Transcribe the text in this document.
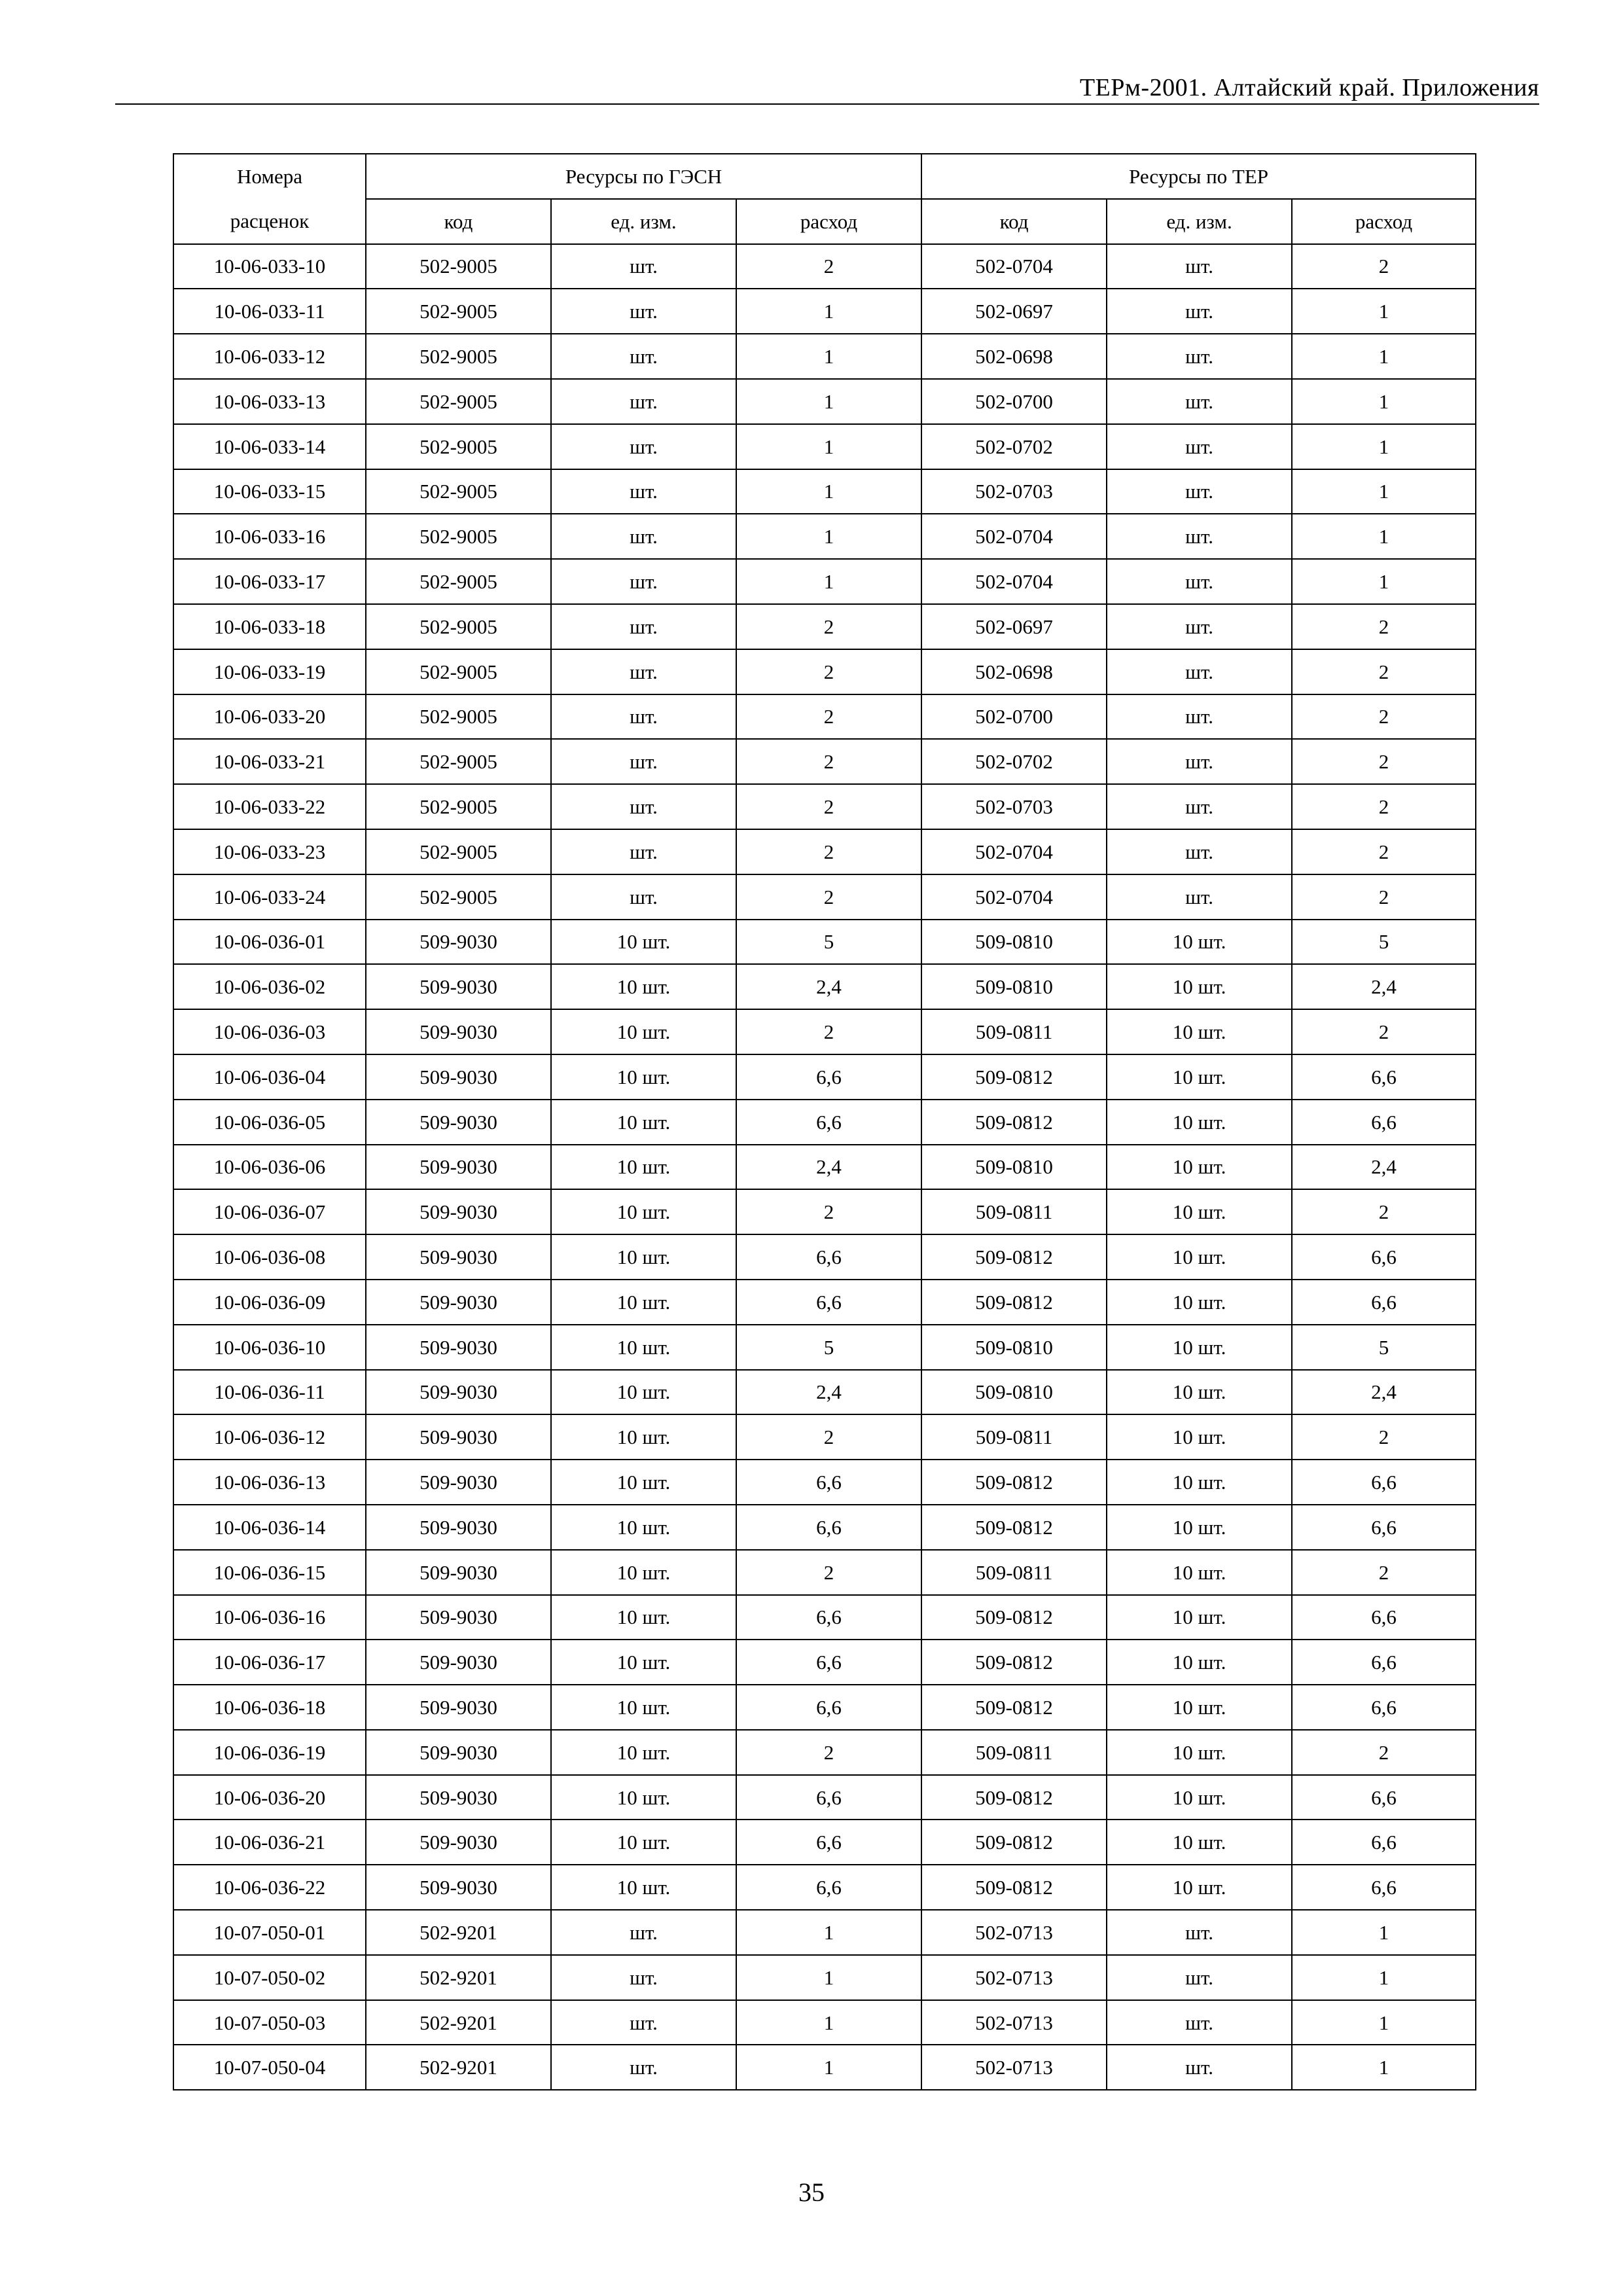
ТЕРм-2001. Алтайский край. Приложения
Номера	Ресурсы по ГЭСН			Ресурсы по ТЕР		
расценок	код	ед. изм.	расход	код	ед. изм.	расход
10-06-033-10	502-9005	шт.	2	502-0704	шт.	2
10-06-033-11	502-9005	шт.	1	502-0697	шт.	1
10-06-033-12	502-9005	шт.	1	502-0698	шт.	1
10-06-033-13	502-9005	шт.	1	502-0700	шт.	1
10-06-033-14	502-9005	шт.	1	502-0702	шт.	1
10-06-033-15	502-9005	шт.	1	502-0703	шт.	1
10-06-033-16	502-9005	шт.	1	502-0704	шт.	1
10-06-033-17	502-9005	шт.	1	502-0704	шт.	1
10-06-033-18	502-9005	шт.	2	502-0697	шт.	2
10-06-033-19	502-9005	шт.	2	502-0698	шт.	2
10-06-033-20	502-9005	шт.	2	502-0700	шт.	2
10-06-033-21	502-9005	шт.	2	502-0702	шт.	2
10-06-033-22	502-9005	шт.	2	502-0703	шт.	2
10-06-033-23	502-9005	шт.	2	502-0704	шт.	2
10-06-033-24	502-9005	шт.	2	502-0704	шт.	2
10-06-036-01	509-9030	10 шт.	5	509-0810	10 шт.	5
10-06-036-02	509-9030	10 шт.	2,4	509-0810	10 шт.	2,4
10-06-036-03	509-9030	10 шт.	2	509-0811	10 шт.	2
10-06-036-04	509-9030	10 шт.	6,6	509-0812	10 шт.	6,6
10-06-036-05	509-9030	10 шт.	6,6	509-0812	10 шт.	6,6
10-06-036-06	509-9030	10 шт.	2,4	509-0810	10 шт.	2,4
10-06-036-07	509-9030	10 шт.	2	509-0811	10 шт.	2
10-06-036-08	509-9030	10 шт.	6,6	509-0812	10 шт.	6,6
10-06-036-09	509-9030	10 шт.	6,6	509-0812	10 шт.	6,6
10-06-036-10	509-9030	10 шт.	5	509-0810	10 шт.	5
10-06-036-11	509-9030	10 шт.	2,4	509-0810	10 шт.	2,4
10-06-036-12	509-9030	10 шт.	2	509-0811	10 шт.	2
10-06-036-13	509-9030	10 шт.	6,6	509-0812	10 шт.	6,6
10-06-036-14	509-9030	10 шт.	6,6	509-0812	10 шт.	6,6
10-06-036-15	509-9030	10 шт.	2	509-0811	10 шт.	2
10-06-036-16	509-9030	10 шт.	6,6	509-0812	10 шт.	6,6
10-06-036-17	509-9030	10 шт.	6,6	509-0812	10 шт.	6,6
10-06-036-18	509-9030	10 шт.	6,6	509-0812	10 шт.	6,6
10-06-036-19	509-9030	10 шт.	2	509-0811	10 шт.	2
10-06-036-20	509-9030	10 шт.	6,6	509-0812	10 шт.	6,6
10-06-036-21	509-9030	10 шт.	6,6	509-0812	10 шт.	6,6
10-06-036-22	509-9030	10 шт.	6,6	509-0812	10 шт.	6,6
10-07-050-01	502-9201	шт.	1	502-0713	шт.	1
10-07-050-02	502-9201	шт.	1	502-0713	шт.	1
10-07-050-03	502-9201	шт.	1	502-0713	шт.	1
10-07-050-04	502-9201	шт.	1	502-0713	шт.	1
35
